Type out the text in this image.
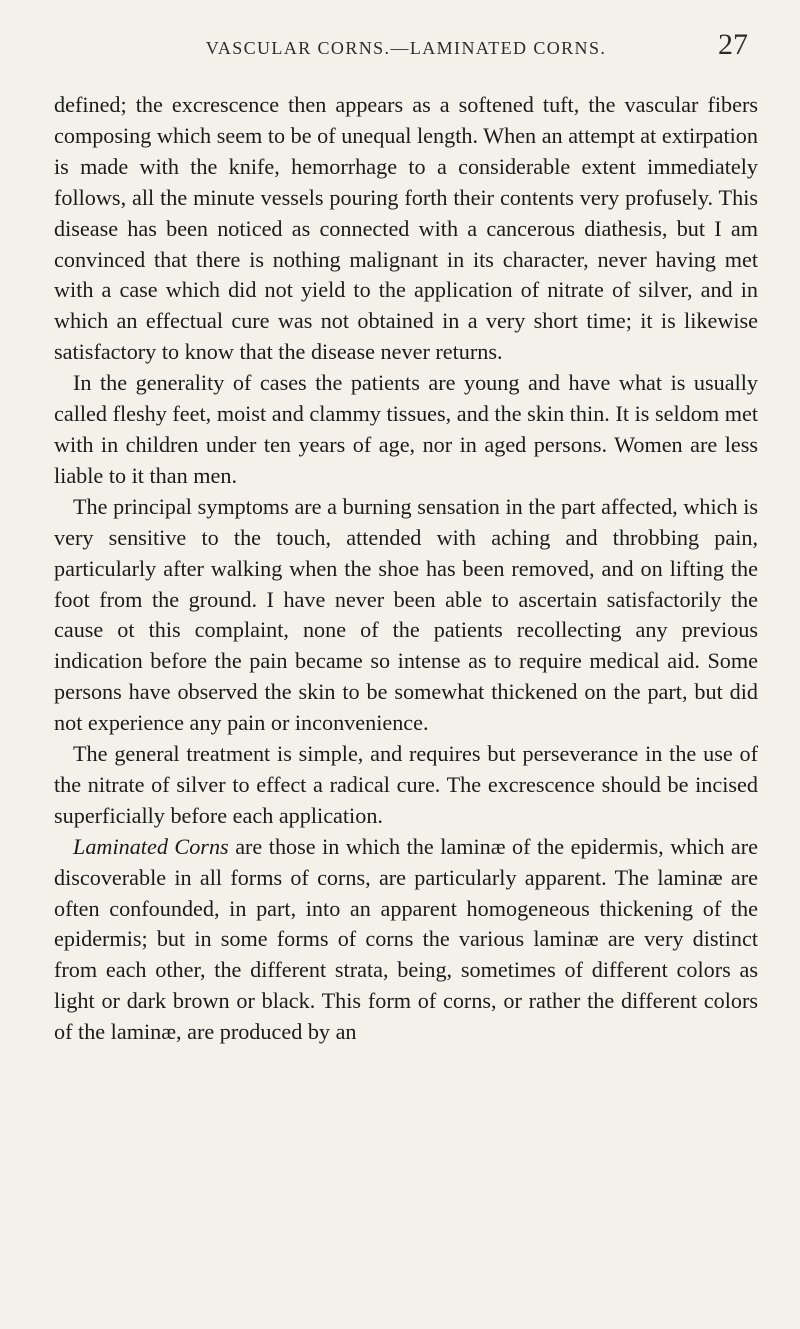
VASCULAR CORNS.—LAMINATED CORNS.	27

defined; the excrescence then appears as a softened tuft, the vascular fibers composing which seem to be of unequal length. When an attempt at extirpation is made with the knife, hemorrhage to a considerable extent immediately follows, all the minute vessels pouring forth their contents very profusely. This disease has been noticed as connected with a cancerous diathesis, but I am convinced that there is nothing malignant in its character, never having met with a case which did not yield to the application of nitrate of silver, and in which an effectual cure was not obtained in a very short time; it is likewise satisfactory to know that the disease never returns.

In the generality of cases the patients are young and have what is usually called fleshy feet, moist and clammy tissues, and the skin thin. It is seldom met with in children under ten years of age, nor in aged persons. Women are less liable to it than men.

The principal symptoms are a burning sensation in the part affected, which is very sensitive to the touch, attended with aching and throbbing pain, particularly after walking when the shoe has been removed, and on lifting the foot from the ground. I have never been able to ascertain satisfactorily the cause ot this complaint, none of the patients recollecting any previous indication before the pain became so intense as to require medical aid. Some persons have observed the skin to be somewhat thickened on the part, but did not experience any pain or inconvenience.

The general treatment is simple, and requires but perseverance in the use of the nitrate of silver to effect a radical cure. The excrescence should be incised superficially before each application.

Laminated Corns are those in which the laminæ of the epidermis, which are discoverable in all forms of corns, are particularly apparent. The laminæ are often confounded, in part, into an apparent homogeneous thickening of the epidermis; but in some forms of corns the various laminæ are very distinct from each other, the different strata, being, sometimes of different colors as light or dark brown or black. This form of corns, or rather the different colors of the laminæ, are produced by an
